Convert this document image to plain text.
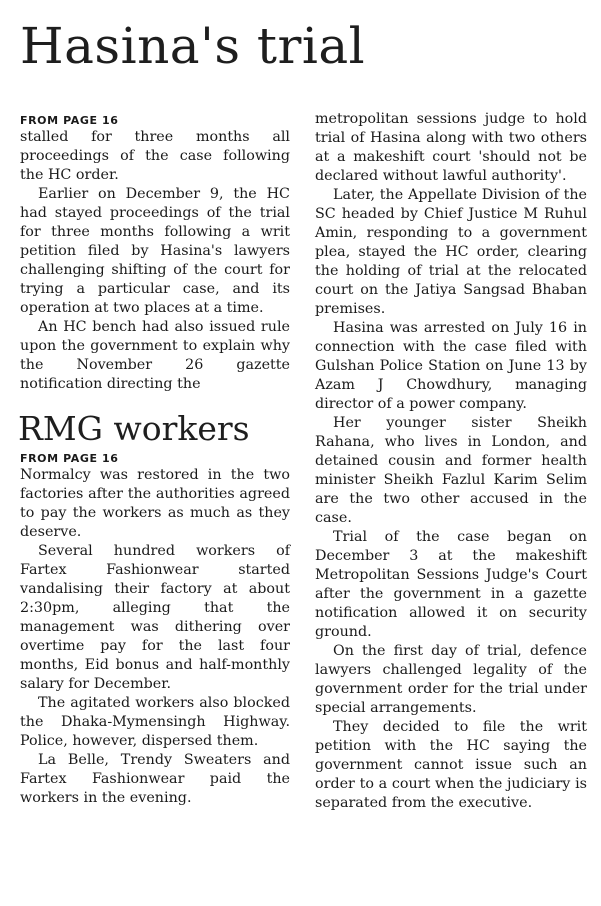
Hasina's trial
FROM PAGE 16

stalled for three months all proceedings of the case following the HC order.

Earlier on December 9, the HC had stayed proceedings of the trial for three months following a writ petition filed by Hasina's lawyers challenging shifting of the court for trying a particular case, and its operation at two places at a time.

An HC bench had also issued rule upon the government to explain why the November 26 gazette notification directing the

RMG workers
FROM PAGE 16

Normalcy was restored in the two factories after the authorities agreed to pay the workers as much as they deserve.

Several hundred workers of Fartex Fashionwear started vandalising their factory at about 2:30pm, alleging that the management was dithering over overtime pay for the last four months, Eid bonus and half-monthly salary for December.

The agitated workers also blocked the Dhaka-Mymensingh Highway. Police, however, dispersed them.

La Belle, Trendy Sweaters and Fartex Fashionwear paid the workers in the evening.

metropolitan sessions judge to hold trial of Hasina along with two others at a makeshift court 'should not be declared without lawful authority'.

Later, the Appellate Division of the SC headed by Chief Justice M Ruhul Amin, responding to a government plea, stayed the HC order, clearing the holding of trial at the relocated court on the Jatiya Sangsad Bhaban premises.

Hasina was arrested on July 16 in connection with the case filed with Gulshan Police Station on June 13 by Azam J Chowdhury, managing director of a power company.

Her younger sister Sheikh Rahana, who lives in London, and detained cousin and former health minister Sheikh Fazlul Karim Selim are the two other accused in the case.

Trial of the case began on December 3 at the makeshift Metropolitan Sessions Judge's Court after the government in a gazette notification allowed it on security ground.

On the first day of trial, defence lawyers challenged legality of the government order for the trial under special arrangements.

They decided to file the writ petition with the HC saying the government cannot issue such an order to a court when the judiciary is separated from the executive.
